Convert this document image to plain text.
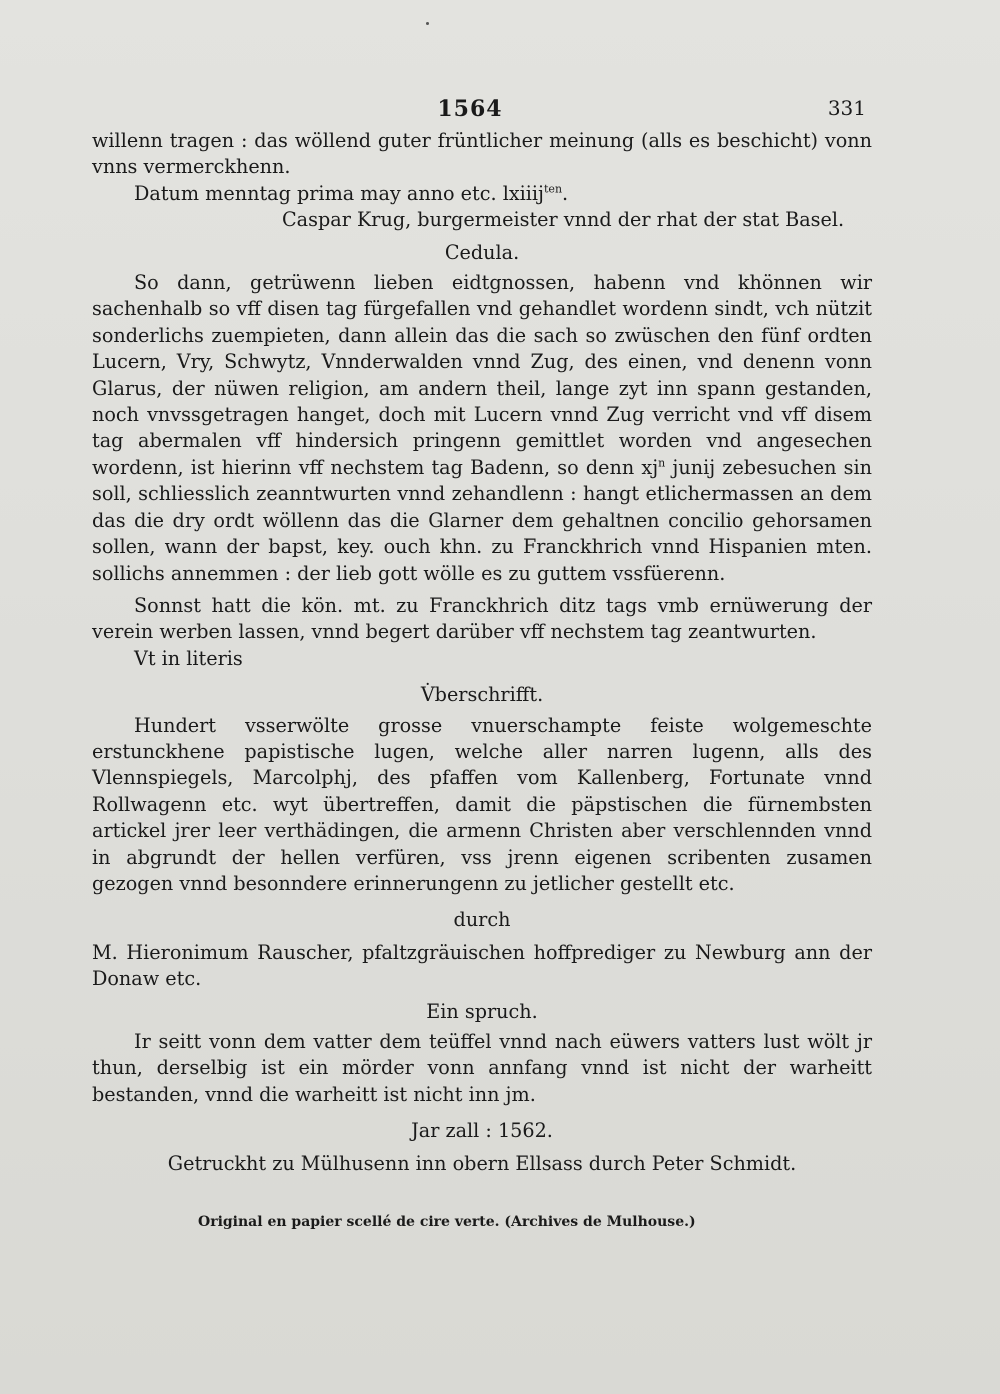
1564	331

willenn tragen : das wöllend guter früntlicher meinung (alls es beschicht) vonn vnns vermerckhenn.

Datum menntag prima may anno etc. lxiiij$^{ten}$.

Caspar Krug, burgermeister vnnd der rhat der stat Basel.

Cedula.

So dann, getrüwenn lieben eidtgnossen, habenn vnd khönnen wir sachenhalb so vff disen tag fürgefallen vnd gehandlet wordenn sindt, vch nützit sonderlichs zuempieten, dann allein das die sach so zwüschen den fünf ordten Lucern, Vry, Schwytz, Vnnderwalden vnnd Zug, des einen, vnd denenn vonn Glarus, der nüwen religion, am andern theil, lange zyt inn spann gestanden, noch vnvssgetragen hanget, doch mit Lucern vnnd Zug verricht vnd vff disem tag abermalen vff hindersich pringenn gemittlet worden vnd angesechen wordenn, ist hierinn vff nechstem tag Badenn, so denn $xj^n$ junij zebesuchen sin soll, schliesslich zeanntwurten vnnd zehandlenn : hangt etlichermassen an dem das die dry ordt wöllenn das die Glarner dem gehaltnen concilio gehorsamen sollen, wann der bapst, key. ouch khn. zu Franckhrich vnnd Hispanien mten. sollichs annemmen : der lieb gott wölle es zu guttem vssfüerenn.

Sonnst hatt die kön. mt. zu Franckhrich ditz tags vmb ernüwerung der verein werben lassen, vnnd begert darüber vff nechstem tag zeantwurten.

Vt in literis

V̇berschrifft.

Hundert vsserwölte grosse vnuerschampte feiste wolgemeschte erstunckhene papistische lugen, welche aller narren lugenn, alls des Vlennspiegels, Marcolphj, des pfaffen vom Kallenberg, Fortunate vnnd Rollwagenn etc. wyt übertreffen, damit die päpstischen die fürnembsten artickel jrer leer verthädingen, die armenn Christen aber verschlennden vnnd in abgrundt der hellen verfüren, vss jrenn eigenen scribenten zusamen gezogen vnnd besonndere erinnerungenn zu jetlicher gestellt etc.

durch

M. Hieronimum Rauscher, pfaltzgräuischen hoffprediger zu Newburg ann der Donaw etc.

Ein spruch.

Ir seitt vonn dem vatter dem teüffel vnnd nach eüwers vatters lust wölt jr thun, derselbig ist ein mörder vonn annfang vnnd ist nicht der warheitt bestanden, vnnd die warheitt ist nicht inn jm.

Jar zall : 1562.

Getruckht zu Mülhusenn inn obern Ellsass durch Peter Schmidt.

Original en papier scellé de cire verte. (Archives de Mulhouse.)
